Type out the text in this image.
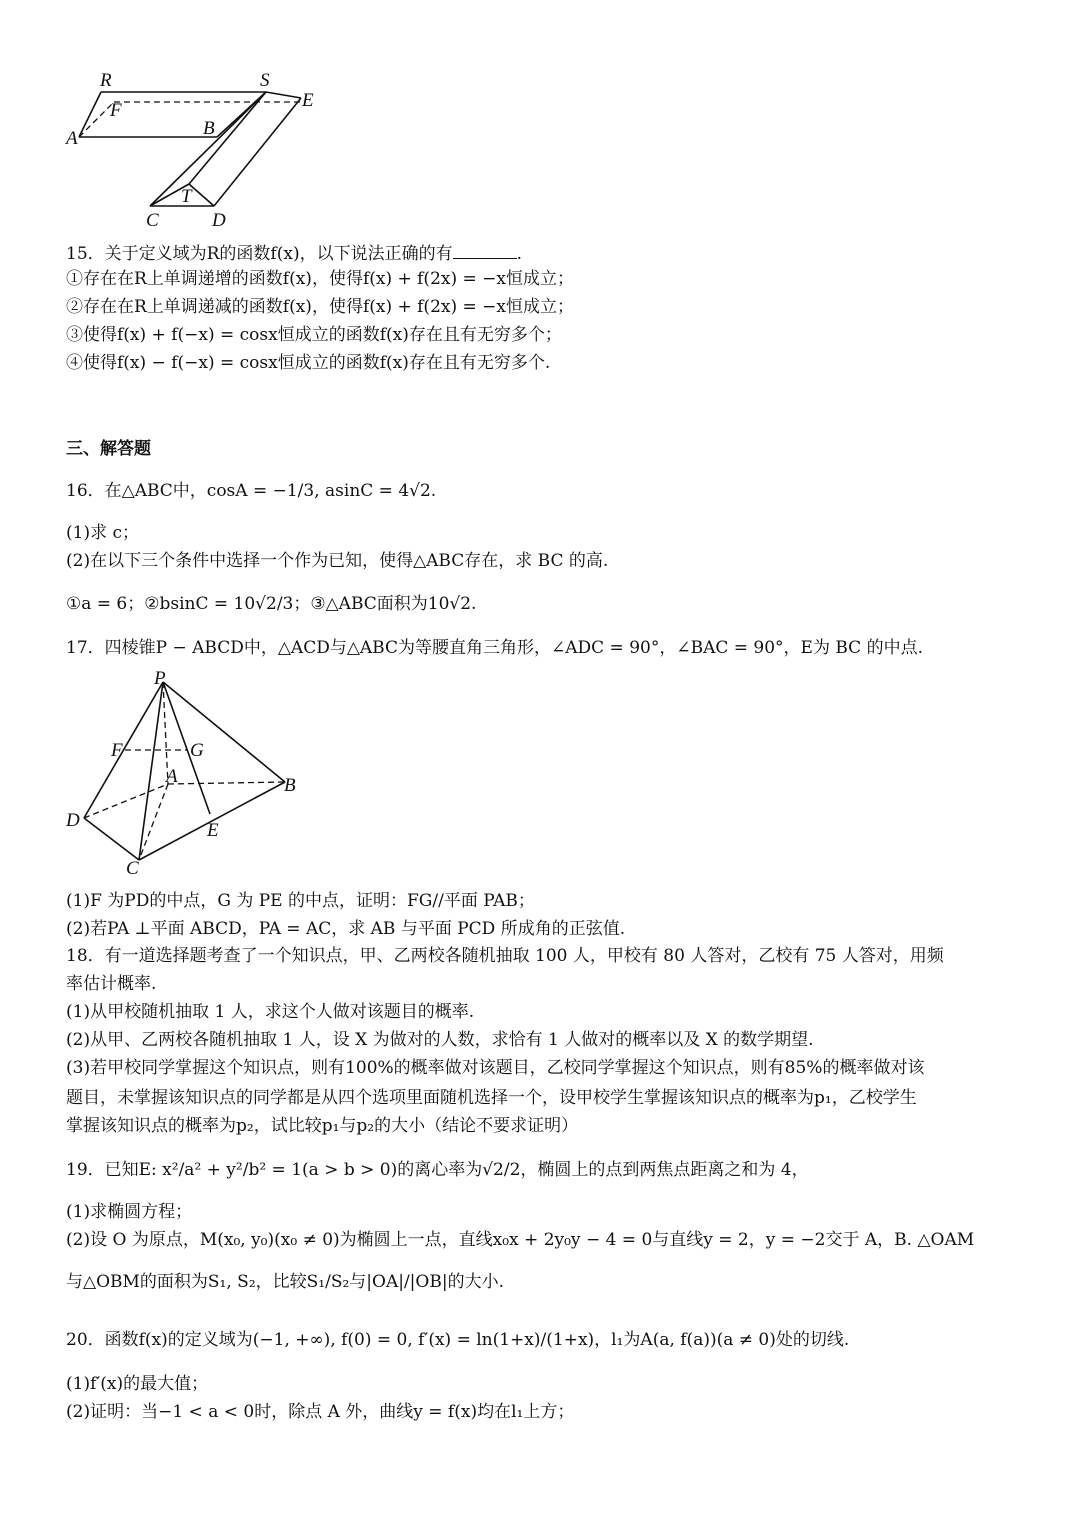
R	S
F	E
A	B
T
C	D
15．关于定义域为R的函数f(x)，以下说法正确的有	.
①存在在R上单调递增的函数f(x)，使得f(x) + f(2x) = −x恒成立；
②存在在R上单调递减的函数f(x)，使得f(x) + f(2x) = −x恒成立；
③使得f(x) + f(−x) = cosx恒成立的函数f(x)存在且有无穷多个；
④使得f(x) − f(−x) = cosx恒成立的函数f(x)存在且有无穷多个.
三、解答题
16．在△ABC中，cosA = −1/3, asinC = 4√2.
(1)求 c；
(2)在以下三个条件中选择一个作为已知，使得△ABC存在，求 BC 的高.
①a = 6；②bsinC = 10√2/3；③△ABC面积为10√2.
17．四棱锥P − ABCD中，△ACD与△ABC为等腰直角三角形，∠ADC = 90°，∠BAC = 90°，E为 BC 的中点.
P
F	G
A	B
D	E
C
(1)F 为PD的中点，G 为 PE 的中点，证明：FG//平面 PAB；
(2)若PA ⊥平面 ABCD，PA = AC，求 AB 与平面 PCD 所成角的正弦值.
18．有一道选择题考查了一个知识点，甲、乙两校各随机抽取 100 人，甲校有 80 人答对，乙校有 75 人答对，用频
率估计概率.
(1)从甲校随机抽取 1 人，求这个人做对该题目的概率.
(2)从甲、乙两校各随机抽取 1 人，设 X 为做对的人数，求恰有 1 人做对的概率以及 X 的数学期望.
(3)若甲校同学掌握这个知识点，则有100%的概率做对该题目，乙校同学掌握这个知识点，则有85%的概率做对该
题目，未掌握该知识点的同学都是从四个选项里面随机选择一个，设甲校学生掌握该知识点的概率为p₁，乙校学生
掌握该知识点的概率为p₂，试比较p₁与p₂的大小（结论不要求证明）
19．已知E: x²/a² + y²/b² = 1(a > b > 0)的离心率为√2/2，椭圆上的点到两焦点距离之和为 4，
(1)求椭圆方程；
(2)设 O 为原点，M(x₀, y₀)(x₀ ≠ 0)为椭圆上一点，直线x₀x + 2y₀y − 4 = 0与直线y = 2，y = −2交于 A，B. △OAM
与△OBM的面积为S₁, S₂，比较S₁/S₂与|OA|/|OB|的大小.
20．函数f(x)的定义域为(−1, +∞), f(0) = 0, f′(x) = ln(1+x)/(1+x)，l₁为A(a, f(a))(a ≠ 0)处的切线.
(1)f′(x)的最大值；
(2)证明：当−1 < a < 0时，除点 A 外，曲线y = f(x)均在l₁上方；
